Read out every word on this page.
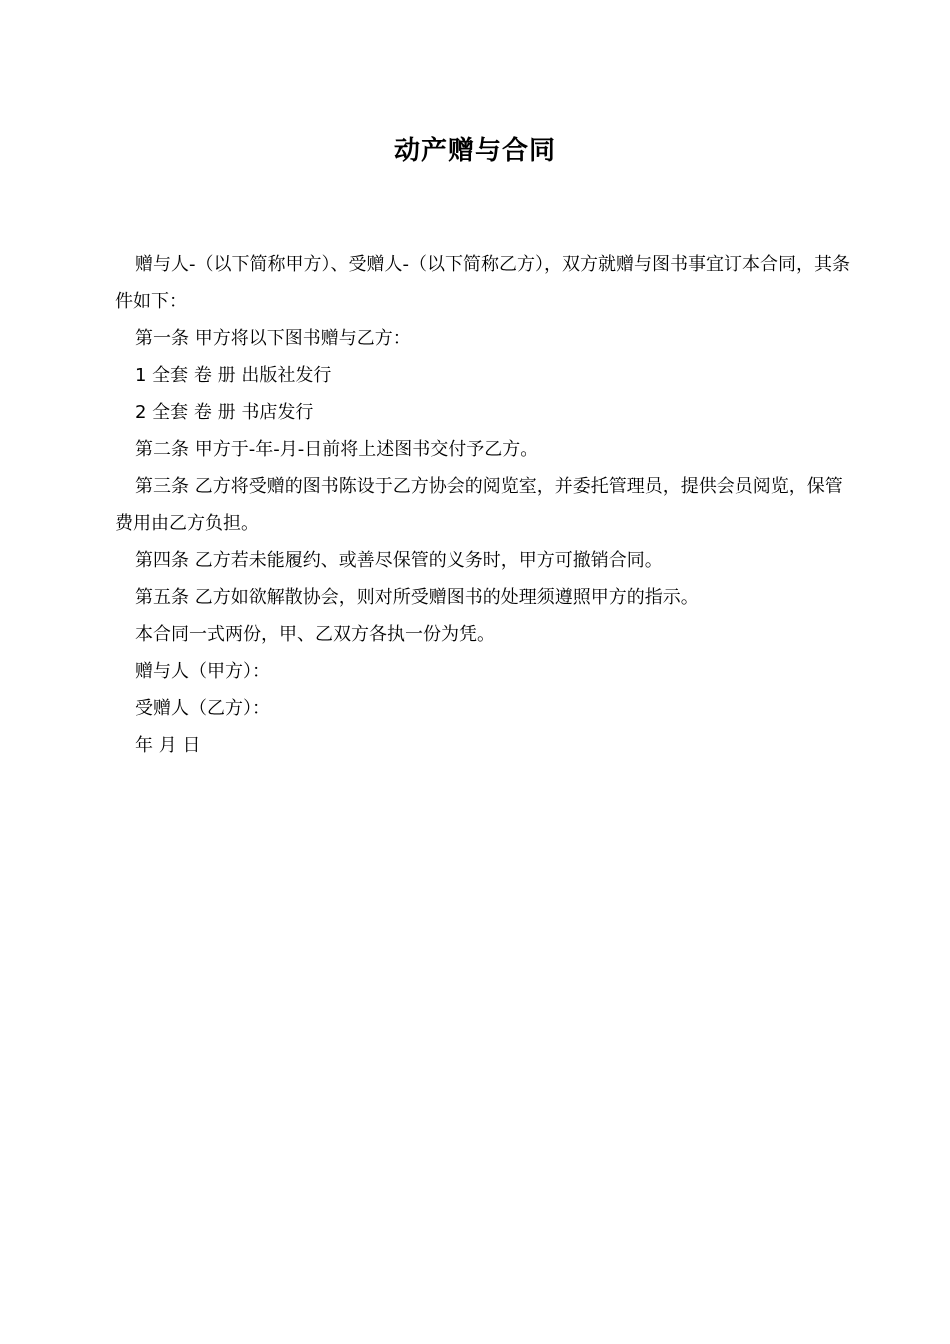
动产赠与合同

赠与人-（以下简称甲方）、受赠人-（以下简称乙方），双方就赠与图书事宜订本合同，其条件如下：

第一条 甲方将以下图书赠与乙方：

1 全套 卷 册 出版社发行

2 全套 卷 册 书店发行

第二条 甲方于-年-月-日前将上述图书交付予乙方。

第三条 乙方将受赠的图书陈设于乙方协会的阅览室，并委托管理员，提供会员阅览，保管费用由乙方负担。

第四条 乙方若未能履约、或善尽保管的义务时，甲方可撤销合同。

第五条 乙方如欲解散协会，则对所受赠图书的处理须遵照甲方的指示。

本合同一式两份，甲、乙双方各执一份为凭。

赠与人（甲方）：

受赠人（乙方）：

年 月 日
